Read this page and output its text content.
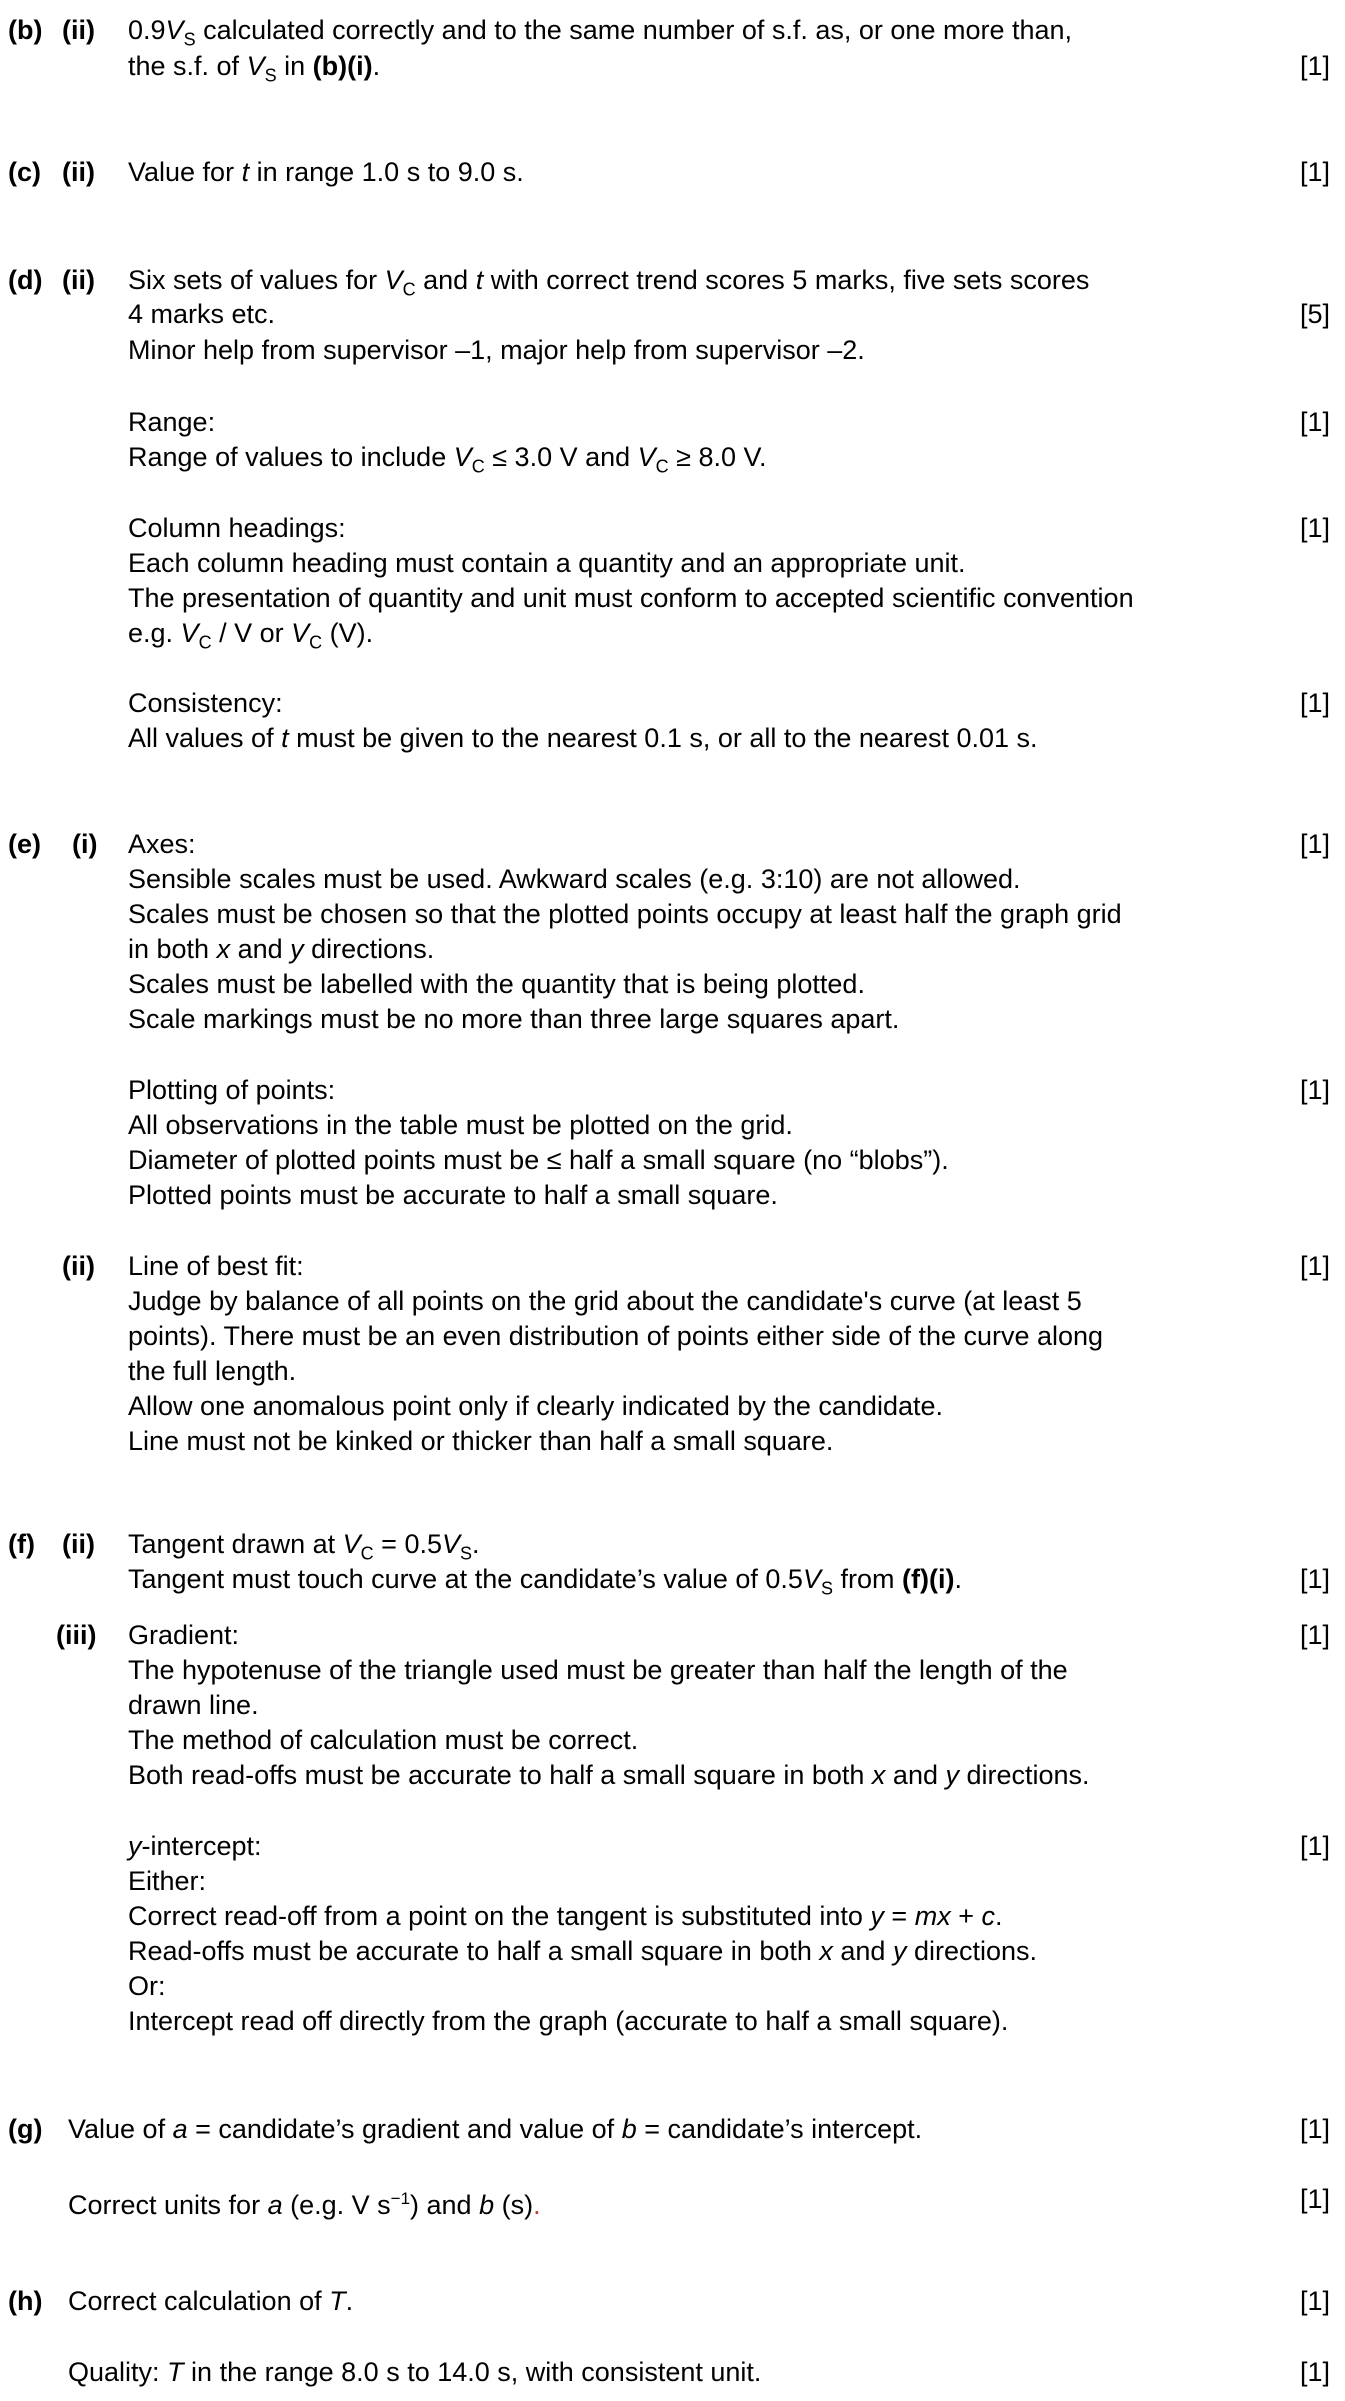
(b) (ii) $0.9V_S$ calculated correctly and to the same number of s.f. as, or one more than,
the s.f. of $V_S$ in (b)(i).	[1]
(c) (ii) Value for t in range 1.0 s to 9.0 s.	[1]
(d) (ii) Six sets of values for $V_C$ and t with correct trend scores 5 marks, five sets scores
4 marks etc.	[5]
Minor help from supervisor –1, major help from supervisor –2.
Range:	[1]
Range of values to include $V_C \le 3.0$ V and $V_C \ge 8.0$ V.
Column headings:	[1]
Each column heading must contain a quantity and an appropriate unit.
The presentation of quantity and unit must conform to accepted scientific convention
e.g. $V_C$ / V or $V_C$ (V).
Consistency:	[1]
All values of t must be given to the nearest 0.1 s, or all to the nearest 0.01 s.
(e) (i) Axes:	[1]
Sensible scales must be used. Awkward scales (e.g. 3:10) are not allowed.
Scales must be chosen so that the plotted points occupy at least half the graph grid
in both x and y directions.
Scales must be labelled with the quantity that is being plotted.
Scale markings must be no more than three large squares apart.
Plotting of points:	[1]
All observations in the table must be plotted on the grid.
Diameter of plotted points must be ≤ half a small square (no “blobs”).
Plotted points must be accurate to half a small square.
(ii) Line of best fit:	[1]
Judge by balance of all points on the grid about the candidate's curve (at least 5
points). There must be an even distribution of points either side of the curve along
the full length.
Allow one anomalous point only if clearly indicated by the candidate.
Line must not be kinked or thicker than half a small square.
(f) (ii) Tangent drawn at $V_C = 0.5V_S$.
Tangent must touch curve at the candidate’s value of $0.5V_S$ from (f)(i).	[1]
(iii) Gradient:	[1]
The hypotenuse of the triangle used must be greater than half the length of the
drawn line.
The method of calculation must be correct.
Both read-offs must be accurate to half a small square in both x and y directions.
y-intercept:	[1]
Either:
Correct read-off from a point on the tangent is substituted into y = mx + c.
Read-offs must be accurate to half a small square in both x and y directions.
Or:
Intercept read off directly from the graph (accurate to half a small square).
(g) Value of a = candidate’s gradient and value of b = candidate’s intercept.	[1]
Correct units for a (e.g. V $s^{-1}$) and b (s).	[1]
(h) Correct calculation of T.	[1]
Quality: T in the range 8.0 s to 14.0 s, with consistent unit.	[1]
